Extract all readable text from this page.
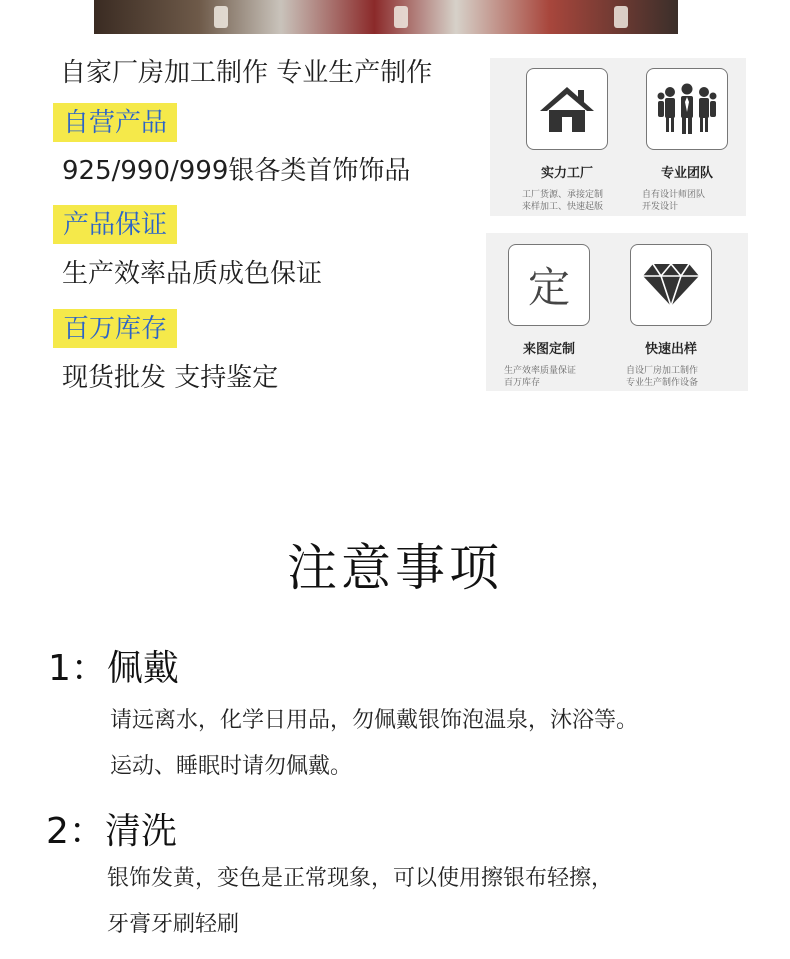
自家厂房加工制作 专业生产制作
自营产品
925/990/999银各类首饰饰品
产品保证
生产效率品质成色保证
百万库存
现货批发 支持鉴定
实力工厂
工厂货源、承接定制
来样加工、快速起版
专业团队
自有设计师团队
开发设计
定
来图定制
生产效率质量保证
百万库存
快速出样
自设厂房加工制作
专业生产制作设备
注意事项
1：佩戴
请远离水，化学日用品，勿佩戴银饰泡温泉，沐浴等。
运动、睡眠时请勿佩戴。
2：清洗
银饰发黄，变色是正常现象，可以使用擦银布轻擦，
牙膏牙刷轻刷
